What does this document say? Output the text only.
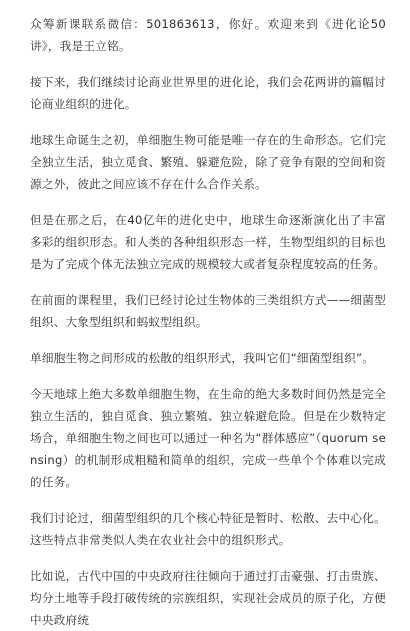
众筹新课联系微信：501863613，你好。欢迎来到《进化论50讲》，我是王立铭。

接下来，我们继续讨论商业世界里的进化论，我们会花两讲的篇幅讨论商业组织的进化。

地球生命诞生之初，单细胞生物可能是唯一存在的生命形态。它们完全独立生活，独立觅食、繁殖、躲避危险，除了竞争有限的空间和资源之外，彼此之间应该不存在什么合作关系。

但是在那之后，在40亿年的进化史中，地球生命逐渐演化出了丰富多彩的组织形态。和人类的各种组织形态一样，生物型组织的目标也是为了完成个体无法独立完成的规模较大或者复杂程度较高的任务。

在前面的课程里，我们已经讨论过生物体的三类组织方式——细菌型组织、大象型组织和蚂蚁型组织。

单细胞生物之间形成的松散的组织形式，我叫它们“细菌型组织”。

今天地球上绝大多数单细胞生物，在生命的绝大多数时间仍然是完全独立生活的，独自觅食、独立繁殖、独立躲避危险。但是在少数特定场合，单细胞生物之间也可以通过一种名为“群体感应”（quorum sensing）的机制形成粗糙和简单的组织，完成一些单个个体难以完成的任务。

我们讨论过，细菌型组织的几个核心特征是暂时、松散、去中心化。这些特点非常类似人类在农业社会中的组织形式。

比如说，古代中国的中央政府往往倾向于通过打击豪强、打击贵族、均分土地等手段打破传统的宗族组织，实现社会成员的原子化，方便中央政府统
